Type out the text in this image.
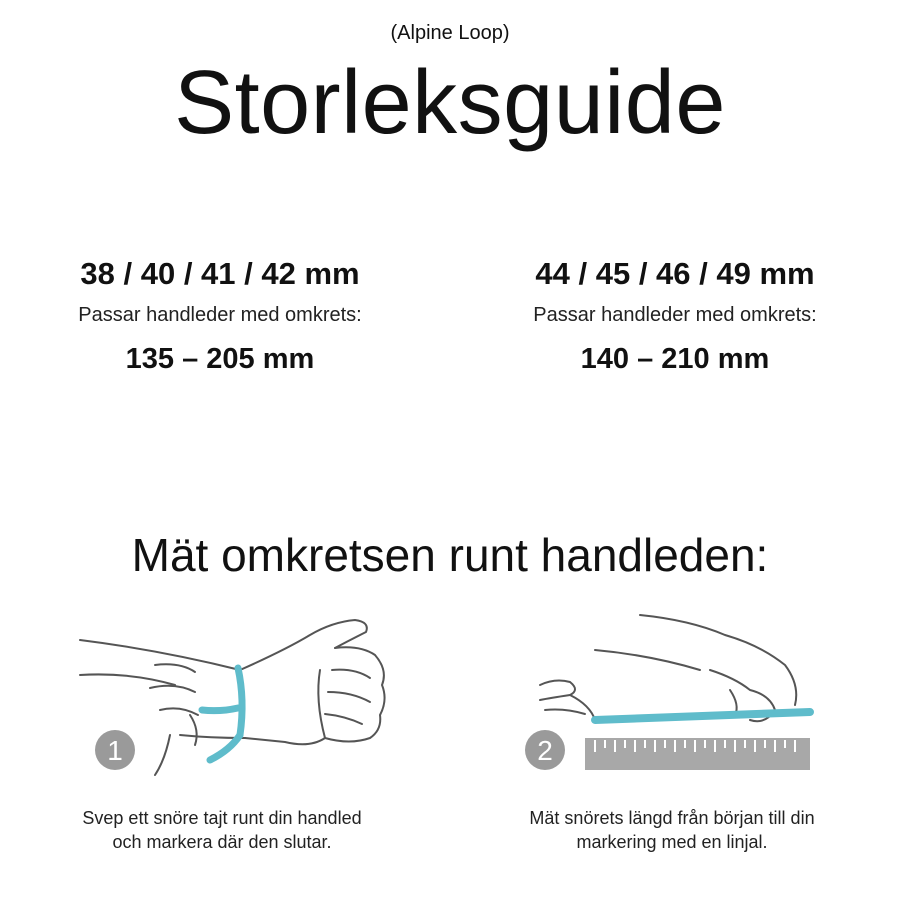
(Alpine Loop)
Storleksguide
38 / 40 / 41 / 42 mm
Passar handleder med omkrets:
135 – 205 mm
44 / 45 / 46 / 49 mm
Passar handleder med omkrets:
140 – 210 mm
Mät omkretsen runt handleden:
1	2
Svep ett snöre tajt runt din handled
och markera där den slutar.
Mät snörets längd från början till din
markering med en linjal.
